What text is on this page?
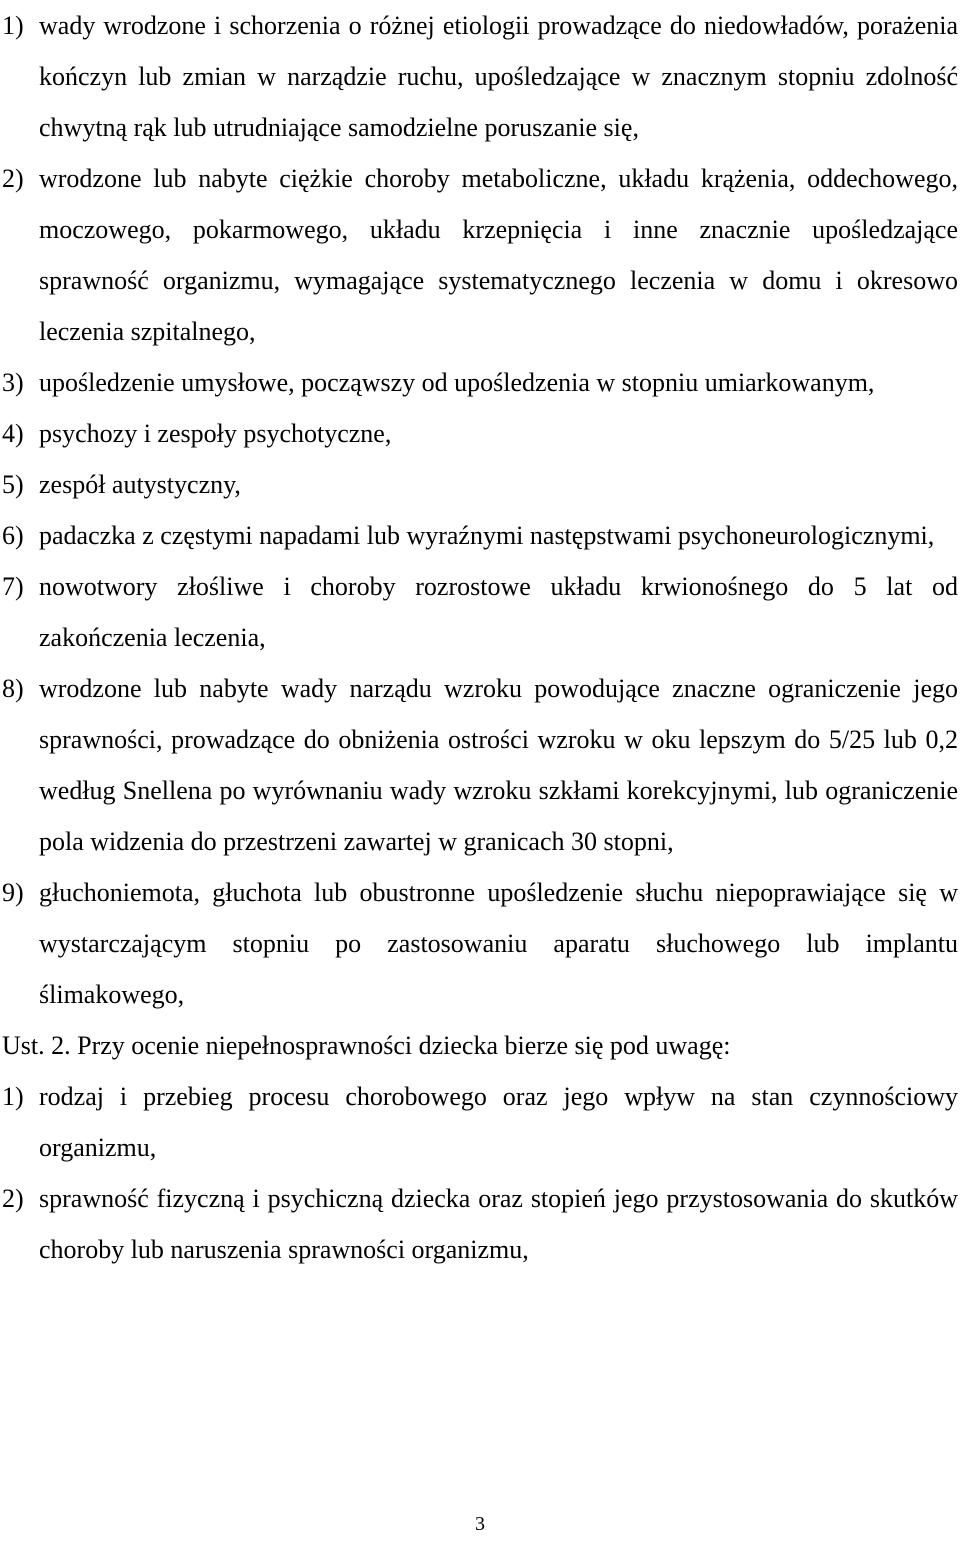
1) wady wrodzone i schorzenia o różnej etiologii prowadzące do niedowładów, porażenia kończyn lub zmian w narządzie ruchu, upośledzające w znacznym stopniu zdolność chwytną rąk lub utrudniające samodzielne poruszanie się,
2) wrodzone lub nabyte ciężkie choroby metaboliczne, układu krążenia, oddechowego, moczowego, pokarmowego, układu krzepnięcia i inne znacznie upośledzające sprawność organizmu, wymagające systematycznego leczenia w domu i okresowo leczenia szpitalnego,
3) upośledzenie umysłowe, począwszy od upośledzenia w stopniu umiarkowanym,
4) psychozy i zespoły psychotyczne,
5) zespół autystyczny,
6) padaczka z częstymi napadami lub wyraźnymi następstwami psychoneurologicznymi,
7) nowotwory złośliwe i choroby rozrostowe układu krwionośnego do 5 lat od zakończenia leczenia,
8) wrodzone lub nabyte wady narządu wzroku powodujące znaczne ograniczenie jego sprawności, prowadzące do obniżenia ostrości wzroku w oku lepszym do 5/25 lub 0,2 według Snellena po wyrównaniu wady wzroku szkłami korekcyjnymi, lub ograniczenie pola widzenia do przestrzeni zawartej w granicach 30 stopni,
9) głuchoniemota, głuchota lub obustronne upośledzenie słuchu niepoprawiające się w wystarczającym stopniu po zastosowaniu aparatu słuchowego lub implantu ślimakowego,
Ust. 2. Przy ocenie niepełnosprawności dziecka bierze się pod uwagę:
1) rodzaj i przebieg procesu chorobowego oraz jego wpływ na stan czynnościowy organizmu,
2) sprawność fizyczną i psychiczną dziecka oraz stopień jego przystosowania do skutków choroby lub naruszenia sprawności organizmu,
3
